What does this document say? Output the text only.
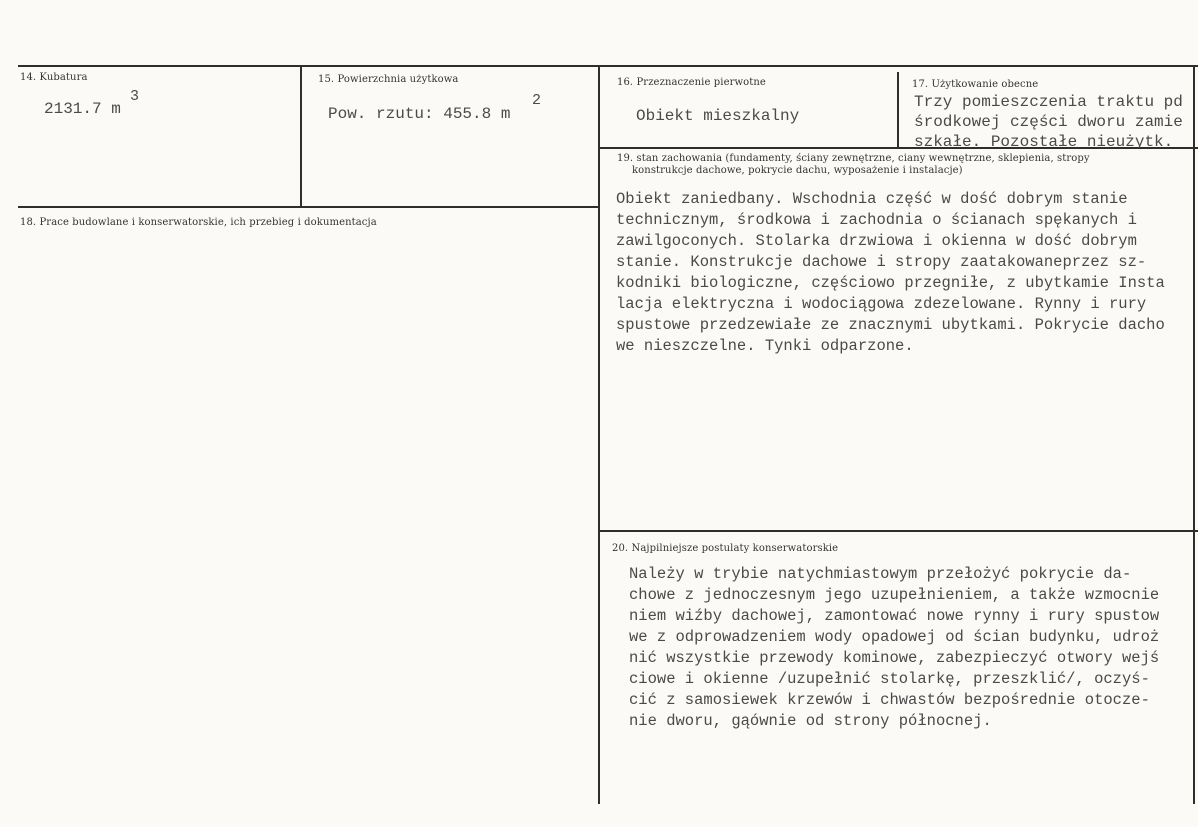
14. Kubatura
2131.7 m
3
15. Powierzchnia użytkowa
Pow. rzutu: 455.8 m
2
16. Przeznaczenie pierwotne
Obiekt mieszkalny
17. Użytkowanie obecne
Trzy pomieszczenia traktu pd
środkowej części dworu zamie
szkałe. Pozostałe nieużytk.
18. Prace budowlane i konserwatorskie, ich przebieg i dokumentacja
19. stan zachowania (fundamenty, ściany zewnętrzne, ciany wewnętrzne, sklepienia, stropy
konstrukcje dachowe, pokrycie dachu, wyposażenie i instalacje)
Obiekt zaniedbany. Wschodnia część w dość dobrym stanie
technicznym, środkowa i zachodnia o ścianach spękanych i
zawilgoconych. Stolarka drzwiowa i okienna w dość dobrym
stanie. Konstrukcje dachowe i stropy zaatakowaneprzez sz-
kodniki biologiczne, częściowo przegniłe, z ubytkamie Insta
lacja elektryczna i wodociągowa zdezelowane. Rynny i rury
spustowe przedzewiałe ze znacznymi ubytkami. Pokrycie dacho
we nieszczelne. Tynki odparzone.
20. Najpilniejsze postulaty konserwatorskie
Należy w trybie natychmiastowym przełożyć pokrycie da-
chowe z jednoczesnym jego uzupełnieniem, a także wzmocnie
niem wiźby dachowej, zamontować nowe rynny i rury spustow
we z odprowadzeniem wody opadowej od ścian budynku, udroż
nić wszystkie przewody kominowe, zabezpieczyć otwory wejś
ciowe i okienne /uzupełnić stolarkę, przeszklić/, oczyś-
cić z samosiewek krzewów i chwastów bezpośrednie otocze-
nie dworu, gąównie od strony północnej.
